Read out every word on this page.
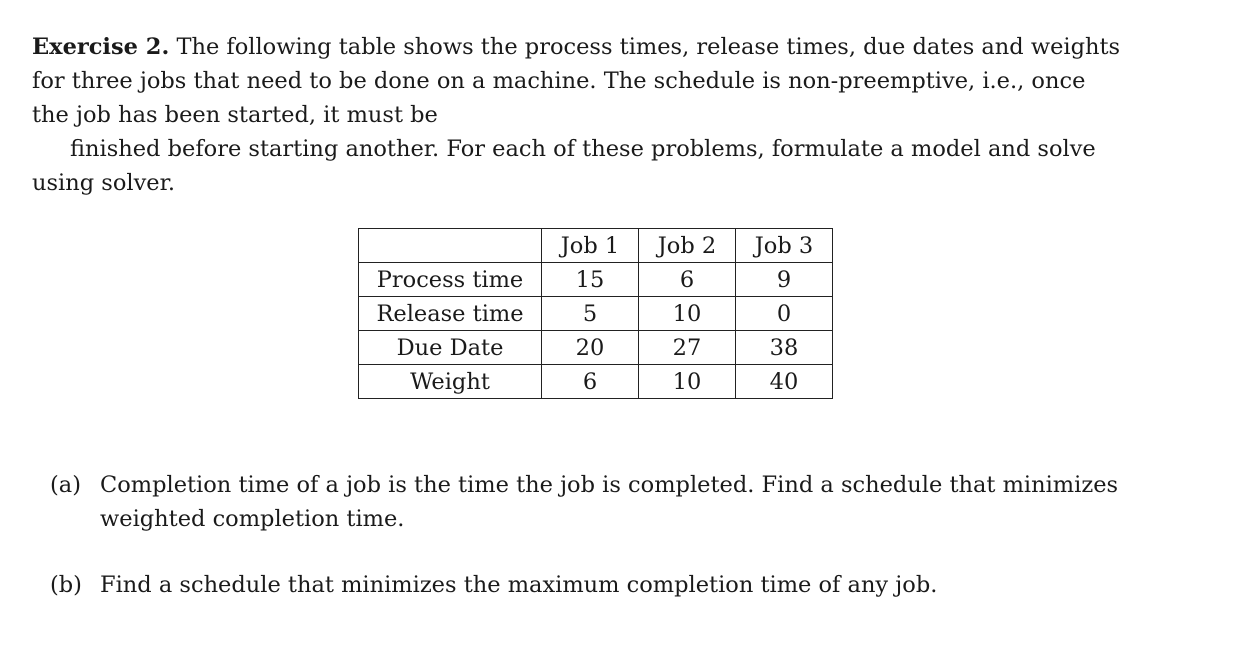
Exercise 2. The following table shows the process times, release times, due dates and weights
for three jobs that need to be done on a machine. The schedule is non-preemptive, i.e., once
the job has been started, it must be
finished before starting another. For each of these problems, formulate a model and solve
using solver.

	Job 1	Job 2	Job 3
Process time	15	6	9
Release time	5	10	0
Due Date	20	27	38
Weight	6	10	40
(a) Completion time of a job is the time the job is completed. Find a schedule that minimizes
weighted completion time.
(b) Find a schedule that minimizes the maximum completion time of any job.
